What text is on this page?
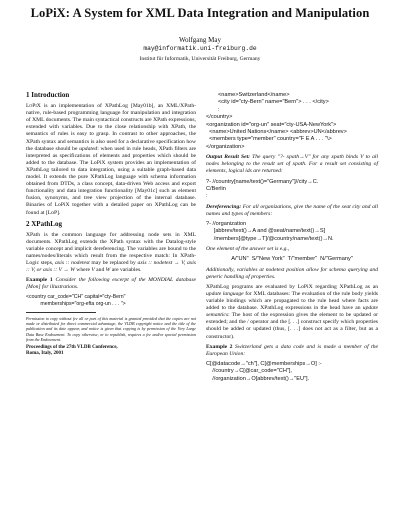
LoPiX: A System for XML Data Integration and Manipulation
Wolfgang May
may@informatik.uni-freiburg.de
Institut für Informatik, Universität Freiburg, Germany
1 Introduction

LoPiX is an implementation of XPathLog [May01b], an XML/XPath-native, rule-based programming language for manipulation and integration of XML documents. The main syntactical constructs are XPath expressions, extended with variables. Due to the close relationship with XPath, the semantics of rules is easy to grasp. In contrast to other approaches, the XPath syntax and semantics is also used for a declarative specification how the database should be updated: when used in rule heads, XPath filters are interpreted as specifications of elements and properties which should be added to the database. The LoPiX system provides an implementation of XPathLog tailored to data integration, using a suitable graph-based data model. It extends the pure XPathLog language with schema information obtained from DTDs, a class concept, data-driven Web access and export functionality and data integration functionality [May01c] such as element fusion, synonyms, and tree view projection of the internal database. Binaries of LoPiX together with a detailed paper on XPathLog can be found at [LoP].

2 XPathLog

XPath is the common language for addressing node sets in XML documents. XPathLog extends the XPath syntax with the Datalog-style variable concept and implicit dereferencing. The variables are bound to the names/nodes/literals which result from the respective match: In XPath-Logic steps, axis :: nodetest may be replaced by axis :: nodetest → V, axis :: V, or axis :: V → W where V and W are variables.

Example 1 Consider the following excerpt of the MONDIAL database [Mon] for illustrations.

<country car_code="CH" capital="cty-Bern"
memberships="org-efta org-un . . . ">
Permission to copy without fee all or part of this material is granted provided that the copies are not made or distributed for direct commercial advantage, the VLDB copyright notice and the title of the publication and its date appear, and notice is given that copying is by permission of the Very Large Data Base Endowment. To copy otherwise, or to republish, requires a fee and/or special permission from the Endowment.
Proceedings of the 27th VLDB Conference,
Roma, Italy, 2001
<name>Switzerland</name>
<city id="cty-Bern" name="Bern"> . . . </city>
:
</country>
<organization id="org-un" seat="cty-USA-NewYork">
<name>United Nations</name> <abbrev>UN</abbrev>
<members type="member" country="F E A . . . "\>
</organization>

Output Result Set: The query "?- xpath→V" for any xpath binds V to all nodes belonging to the result set of xpath. For a result set consisting of elements, logical ids are returned:

?- //country[name/text()="Germany"]//city→C.
C/Berlin
:

Dereferencing: For all organizations, give the name of the seat city and all names and types of members:

?- //organization
[abbrev/text()→A and @seat/name/text()→S]
/members[@type→T]/@country/name/text()→N.

One element of the answer set is e.g.,

A/"UN"  S/"New York"  T/"member"  N/"Germany"

Additionally, variables at nodetest position allow for schema querying and generic handling of properties.

XPathLog programs are evaluated by LoPiX regarding XPathLog as an update language for XML databases: The evaluation of the rule body yields variable bindings which are propagated to the rule head where facts are added to the database. XPathLog expressions in the head have an update semantics: The host of the expression gives the element to be updated or extended; and the / operator and the [. . .] construct specify which properties should be added or updated (thus, [. . .] does not act as a filter, but as a constructor).

Example 2 Switzerland gets a data code and is made a member of the European Union:

C[@datacode→"ch"], C[@memberships→O] :-
//country→C[@car_code="CH"],
//organization→O[abbrev/text()→"EU"].
